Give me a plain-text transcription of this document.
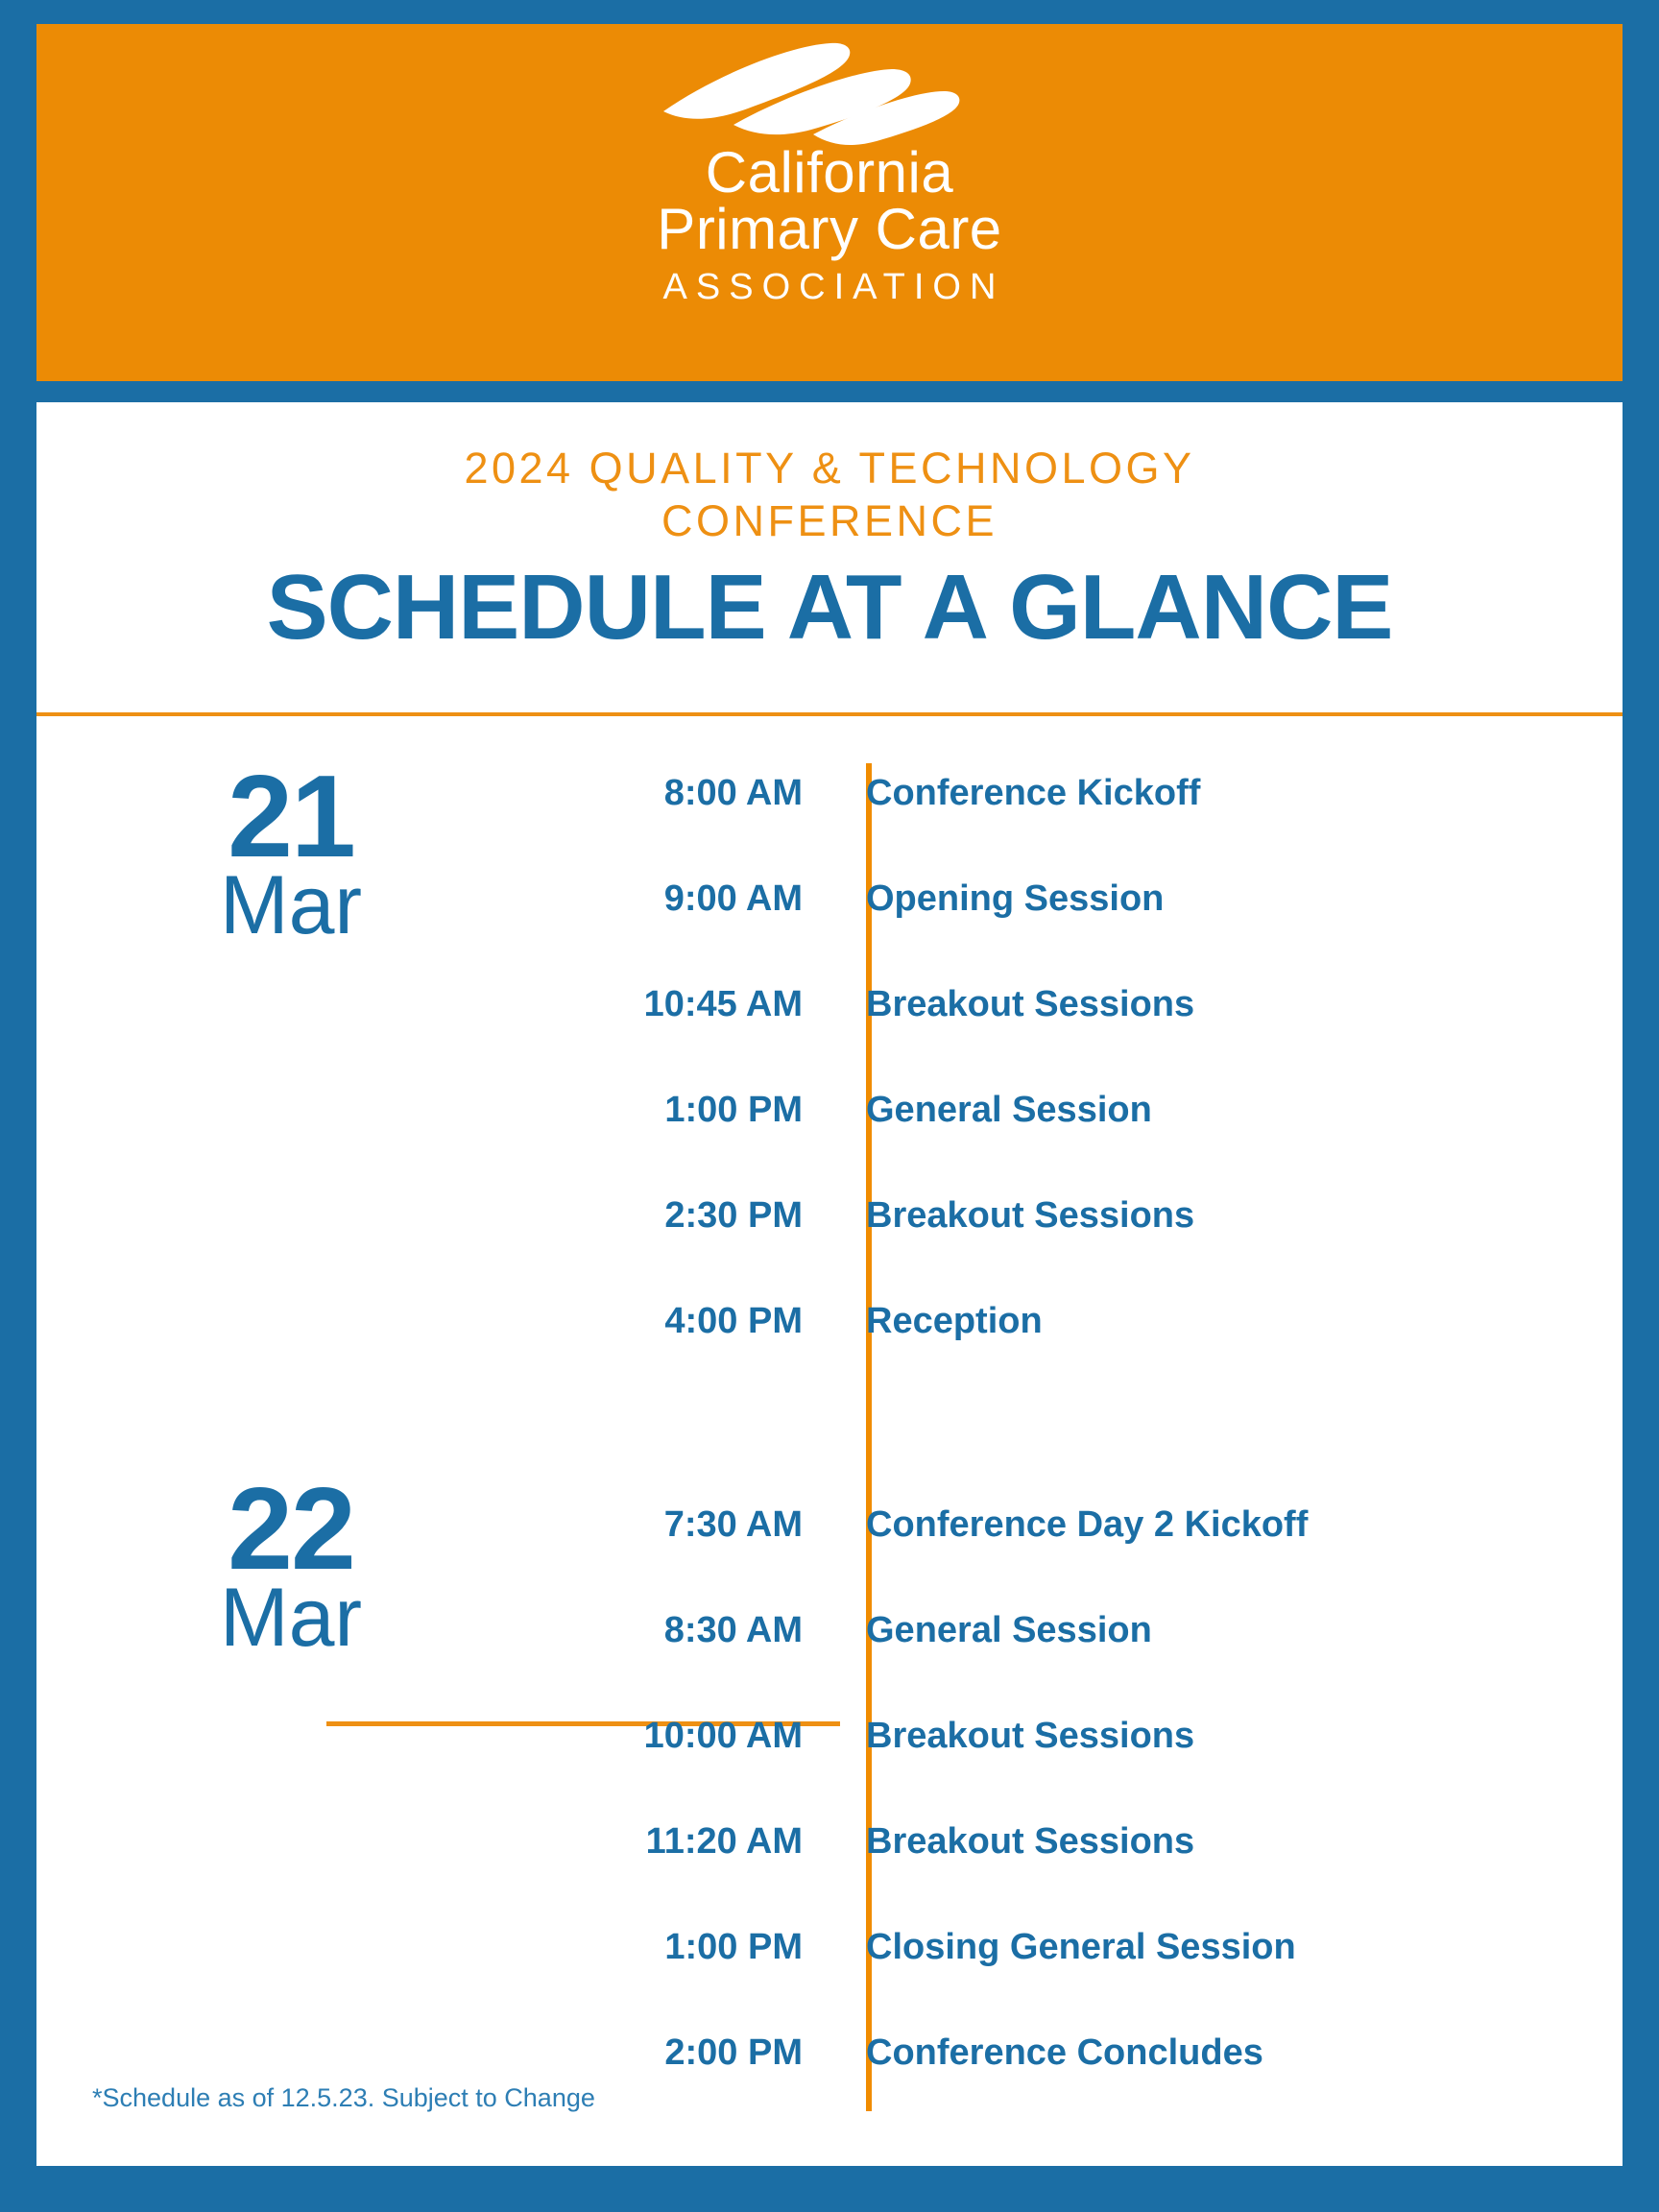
California
Primary Care
ASSOCIATION
2024 QUALITY & TECHNOLOGY
CONFERENCE
SCHEDULE AT A GLANCE
21
Mar
8:00 AM	Conference Kickoff
9:00 AM	Opening Session
10:45 AM	Breakout Sessions
1:00 PM	General Session
2:30 PM	Breakout Sessions
4:00 PM	Reception
22
Mar
7:30 AM	Conference Day 2 Kickoff
8:30 AM	General Session
10:00 AM	Breakout Sessions
11:20 AM	Breakout Sessions
1:00 PM	Closing General Session
2:00 PM	Conference Concludes
*Schedule as of 12.5.23. Subject to Change
